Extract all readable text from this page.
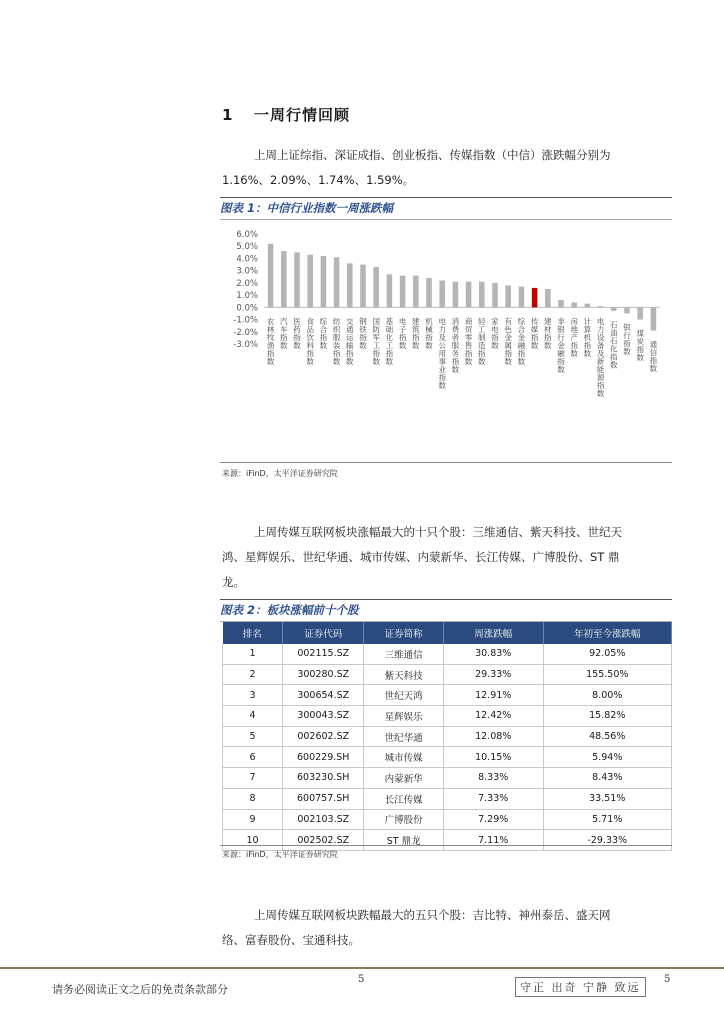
1 一周行情回顾

上周上证综指、深证成指、创业板指、传媒指数（中信）涨跌幅分别为

1.16%、2.09%、1.74%、1.59%。
图表 1：中信行业指数一周涨跌幅
6.0%
5.0%
4.0%
3.0%
2.0%
1.0%
0.0%
-1.0%
-2.0%
-3.0% 农林牧渔指数 汽车指数 医药指数 食品饮料指数 综合指数 纺织服装指数 交通运输指数 钢铁指数 国防军工指数 基础化工指数 电子指数 建筑指数 机械指数 电力及公用事业指数 消费者服务指数 商贸零售指数 轻工制造指数 家电指数 有色金属指数 综合金融指数 传媒指数 建材指数 非银行金融指数 房地产指数 计算机指数 电力设备及新能源指数 石油石化指数 银行指数 煤炭指数 通信指数
来源：iFinD，太平洋证券研究院

上周传媒互联网板块涨幅最大的十只个股：三维通信、紫天科技、世纪天

鸿、星辉娱乐、世纪华通、城市传媒、内蒙新华、长江传媒、广博股份、ST 鼎
龙。
图表 2：板块涨幅前十个股
排名	证券代码	证券简称	周涨跌幅	年初至今涨跌幅
1	002115.SZ	三维通信	30.83%	92.05%
2	300280.SZ	紫天科技	29.33%	155.50%
3	300654.SZ	世纪天鸿	12.91%	8.00%
4	300043.SZ	星辉娱乐	12.42%	15.82%
5	002602.SZ	世纪华通	12.08%	48.56%
6	600229.SH	城市传媒	10.15%	5.94%
7	603230.SH	内蒙新华	8.33%	8.43%
8	600757.SH	长江传媒	7.33%	33.51%
9	002103.SZ	广博股份	7.29%	5.71%
10	002502.SZ	ST 鼎龙	7.11%	-29.33%
来源：iFinD，太平洋证券研究院

上周传媒互联网板块跌幅最大的五只个股：吉比特、神州泰岳、盛天网

络、富春股份、宝通科技。
5
请务必阅读正文之后的免责条款部分	守正 出奇 宁静 致远
5
